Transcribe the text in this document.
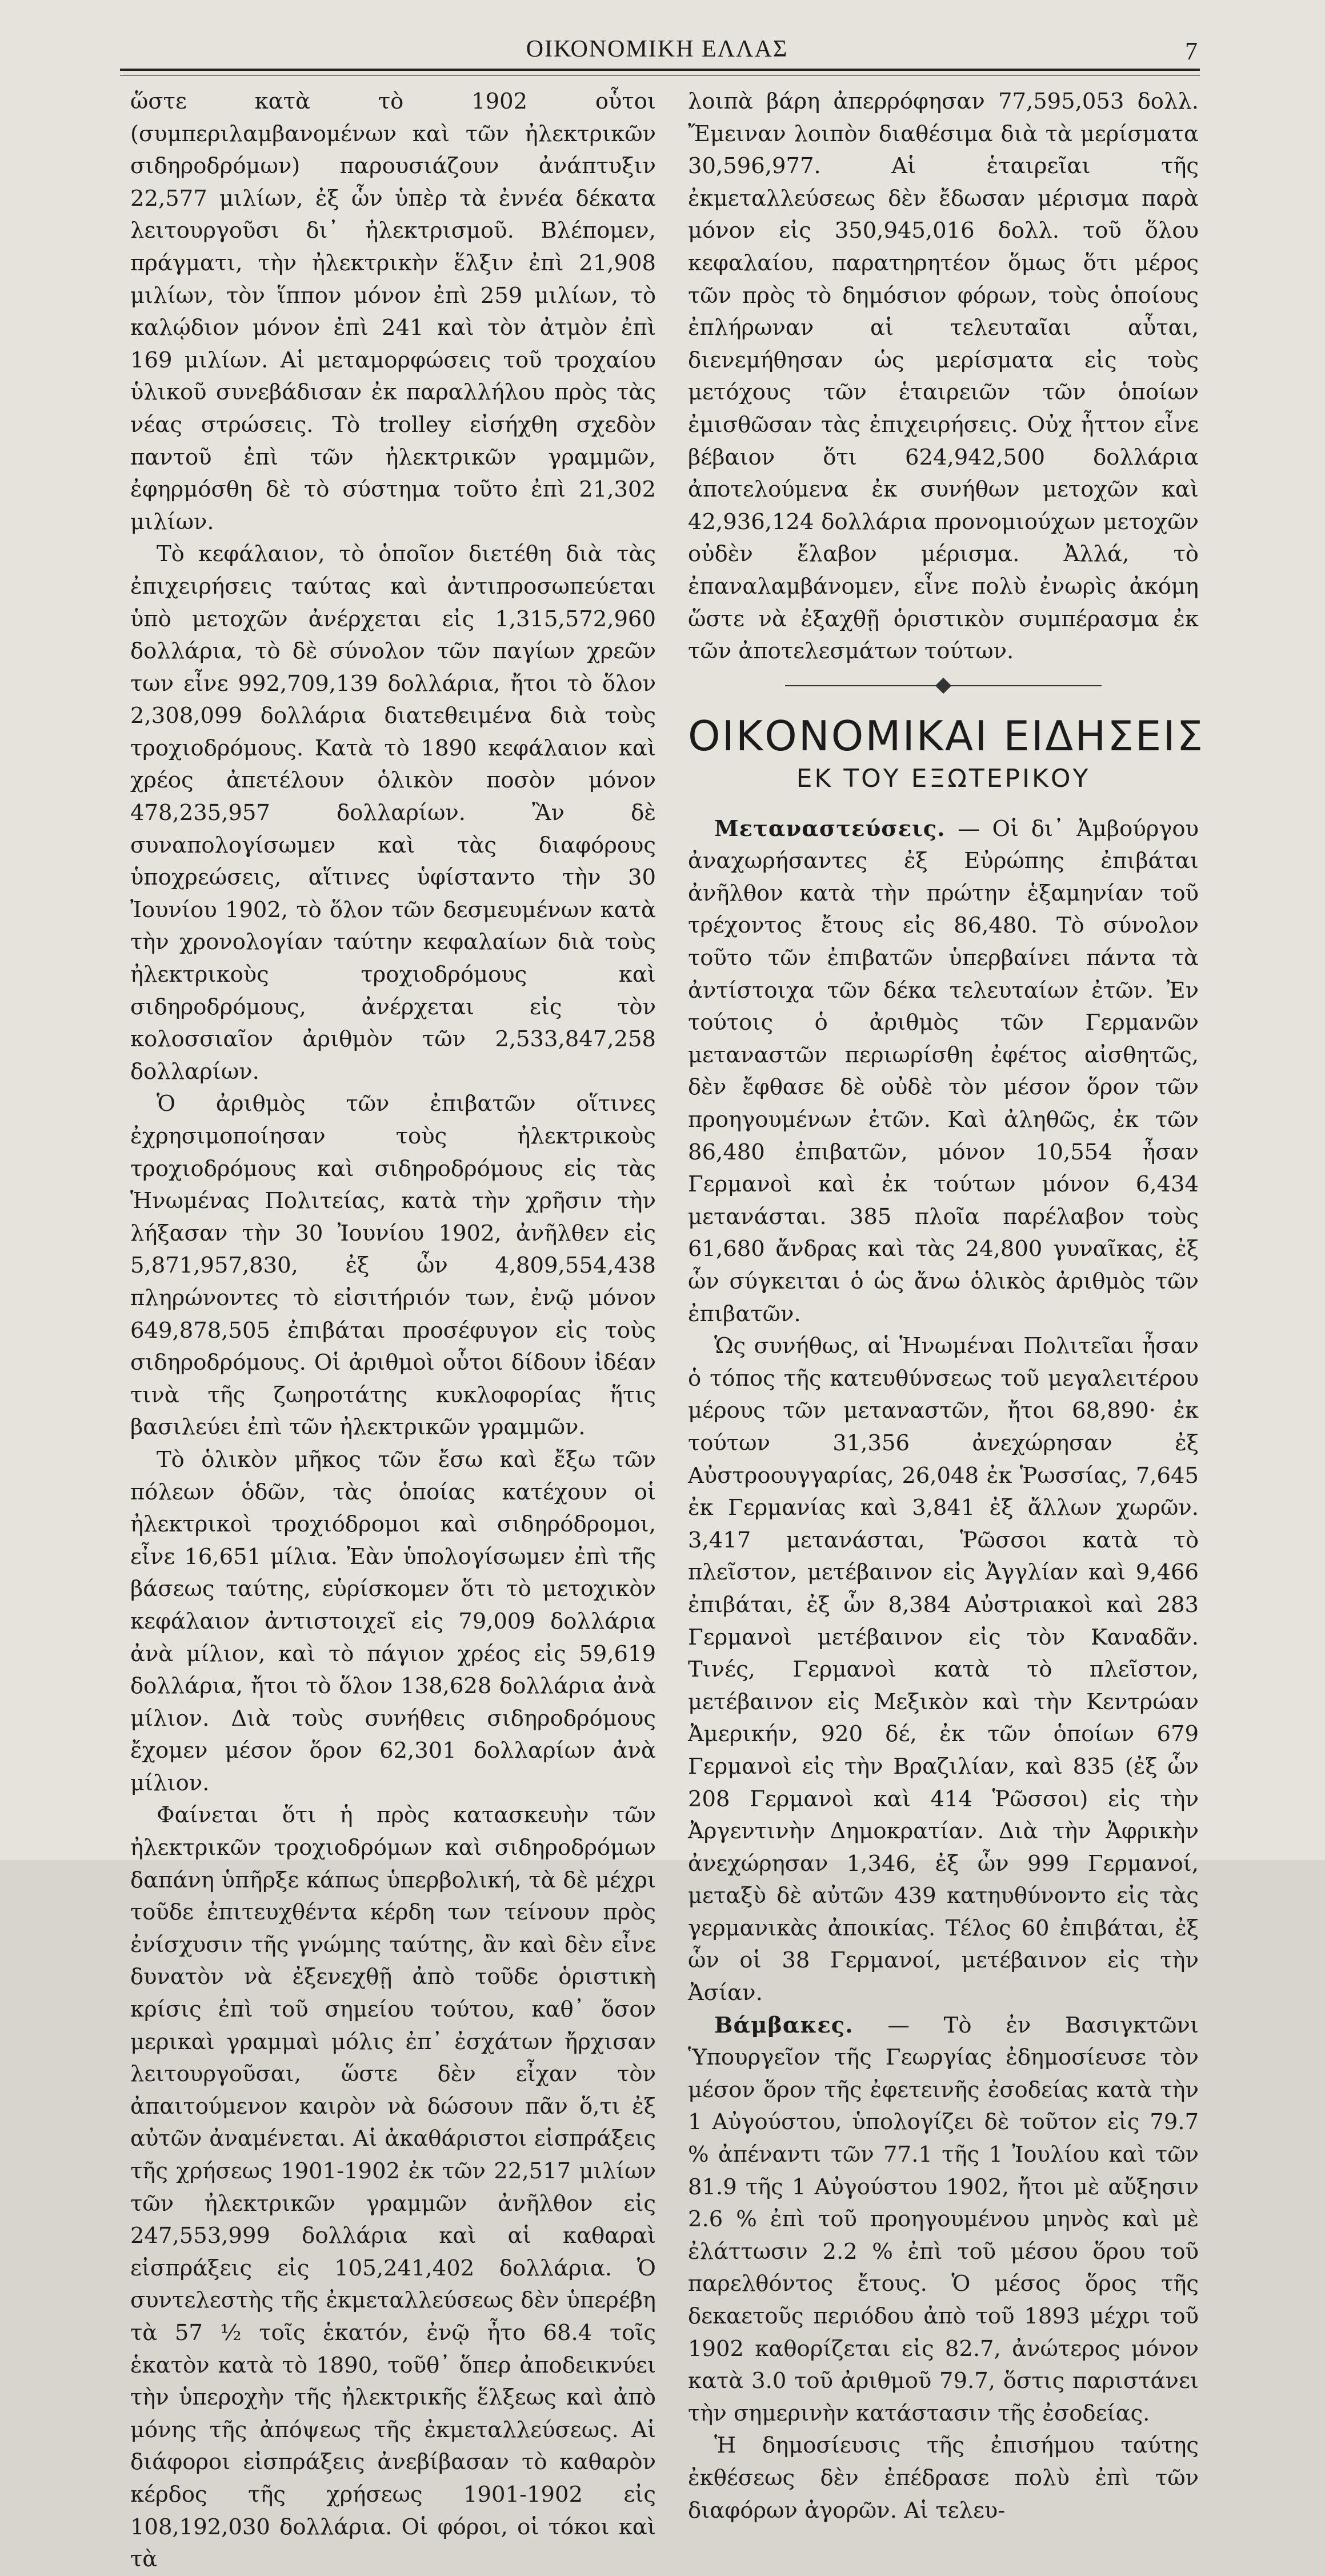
ΟΙΚΟΝΟΜΙΚΗ ΕΛΛΑΣ	7

ὥστε κατὰ τὸ 1902 οὗτοι (συμπεριλαμβανομένων καὶ τῶν ἠλεκτρικῶν σιδηροδρόμων) παρουσιάζουν ἀνάπτυξιν 22,577 μιλίων, ἐξ ὧν ὑπὲρ τὰ ἐννέα δέκατα λειτουργοῦσι δι᾽ ἠλεκτρισμοῦ. Βλέπομεν, πράγματι, τὴν ἠλεκτρικὴν ἕλξιν ἐπὶ 21,908 μιλίων, τὸν ἵππον μόνον ἐπὶ 259 μιλίων, τὸ καλῴδιον μόνον ἐπὶ 241 καὶ τὸν ἀτμὸν ἐπὶ 169 μιλίων. Αἱ μεταμορφώσεις τοῦ τροχαίου ὑλικοῦ συνεβάδισαν ἐκ παραλλήλου πρὸς τὰς νέας στρώσεις. Τὸ trolley εἰσήχθη σχεδὸν παντοῦ ἐπὶ τῶν ἠλεκτρικῶν γραμμῶν, ἐφηρμόσθη δὲ τὸ σύστημα τοῦτο ἐπὶ 21,302 μιλίων.

Τὸ κεφάλαιον, τὸ ὁποῖον διετέθη διὰ τὰς ἐπιχειρήσεις ταύτας καὶ ἀντιπροσωπεύεται ὑπὸ μετοχῶν ἀνέρχεται εἰς 1,315,572,960 δολλάρια, τὸ δὲ σύνολον τῶν παγίων χρεῶν των εἶνε 992,709,139 δολλάρια, ἤτοι τὸ ὅλον 2,308,099 δολλάρια διατεθειμένα διὰ τοὺς τροχιοδρόμους. Κατὰ τὸ 1890 κεφάλαιον καὶ χρέος ἀπετέλουν ὁλικὸν ποσὸν μόνον 478,235,957 δολλαρίων. Ἂν δὲ συναπολογίσωμεν καὶ τὰς διαφόρους ὑποχρεώσεις, αἵτινες ὑφίσταντο τὴν 30 Ἰουνίου 1902, τὸ ὅλον τῶν δεσμευμένων κατὰ τὴν χρονολογίαν ταύτην κεφαλαίων διὰ τοὺς ἠλεκτρικοὺς τροχιοδρόμους καὶ σιδηροδρόμους, ἀνέρχεται εἰς τὸν κολοσσιαῖον ἀριθμὸν τῶν 2,533,847,258 δολλαρίων.

Ὁ ἀριθμὸς τῶν ἐπιβατῶν οἵτινες ἐχρησιμοποίησαν τοὺς ἠλεκτρικοὺς τροχιοδρόμους καὶ σιδηροδρόμους εἰς τὰς Ἡνωμένας Πολιτείας, κατὰ τὴν χρῆσιν τὴν λήξασαν τὴν 30 Ἰουνίου 1902, ἀνῆλθεν εἰς 5,871,957,830, ἐξ ὧν 4,809,554,438 πληρώνοντες τὸ εἰσιτήριόν των, ἐνῷ μόνον 649,878,505 ἐπιβάται προσέφυγον εἰς τοὺς σιδηροδρόμους. Οἱ ἀριθμοὶ οὗτοι δίδουν ἰδέαν τινὰ τῆς ζωηροτάτης κυκλοφορίας ἥτις βασιλεύει ἐπὶ τῶν ἠλεκτρικῶν γραμμῶν.

Τὸ ὁλικὸν μῆκος τῶν ἔσω καὶ ἔξω τῶν πόλεων ὁδῶν, τὰς ὁποίας κατέχουν οἱ ἠλεκτρικοὶ τροχιόδρομοι καὶ σιδηρόδρομοι, εἶνε 16,651 μίλια. Ἐὰν ὑπολογίσωμεν ἐπὶ τῆς βάσεως ταύτης, εὑρίσκομεν ὅτι τὸ μετοχικὸν κεφάλαιον ἀντιστοιχεῖ εἰς 79,009 δολλάρια ἀνὰ μίλιον, καὶ τὸ πάγιον χρέος εἰς 59,619 δολλάρια, ἤτοι τὸ ὅλον 138,628 δολλάρια ἀνὰ μίλιον. Διὰ τοὺς συνήθεις σιδηροδρόμους ἔχομεν μέσον ὅρον 62,301 δολλαρίων ἀνὰ μίλιον.

Φαίνεται ὅτι ἡ πρὸς κατασκευὴν τῶν ἠλεκτρικῶν τροχιοδρόμων καὶ σιδηροδρόμων δαπάνη ὑπῆρξε κάπως ὑπερβολική, τὰ δὲ μέχρι τοῦδε ἐπιτευχθέντα κέρδη των τείνουν πρὸς ἐνίσχυσιν τῆς γνώμης ταύτης, ἂν καὶ δὲν εἶνε δυνατὸν νὰ ἐξενεχθῇ ἀπὸ τοῦδε ὁριστικὴ κρίσις ἐπὶ τοῦ σημείου τούτου, καθ᾽ ὅσον μερικαὶ γραμμαὶ μόλις ἐπ᾽ ἐσχάτων ἤρχισαν λειτουργοῦσαι, ὥστε δὲν εἶχαν τὸν ἀπαιτούμενον καιρὸν νὰ δώσουν πᾶν ὅ,τι ἐξ αὐτῶν ἀναμένεται. Αἱ ἀκαθάριστοι εἰσπράξεις τῆς χρήσεως 1901-1902 ἐκ τῶν 22,517 μιλίων τῶν ἠλεκτρικῶν γραμμῶν ἀνῆλθον εἰς 247,553,999 δολλάρια καὶ αἱ καθαραὶ εἰσπράξεις εἰς 105,241,402 δολλάρια. Ὁ συντελεστὴς τῆς ἐκμεταλλεύσεως δὲν ὑπερέβη τὰ 57 ½ τοῖς ἑκατόν, ἐνῷ ἦτο 68.4 τοῖς ἑκατὸν κατὰ τὸ 1890, τοῦθ᾽ ὅπερ ἀποδεικνύει τὴν ὑπεροχὴν τῆς ἠλεκτρικῆς ἕλξεως καὶ ἀπὸ μόνης τῆς ἀπόψεως τῆς ἐκμεταλλεύσεως. Αἱ διάφοροι εἰσπράξεις ἀνεβίβασαν τὸ καθαρὸν κέρδος τῆς χρήσεως 1901-1902 εἰς 108,192,030 δολλάρια. Οἱ φόροι, οἱ τόκοι καὶ τὰ

λοιπὰ βάρη ἀπερρόφησαν 77,595,053 δολλ. Ἔμειναν λοιπὸν διαθέσιμα διὰ τὰ μερίσματα 30,596,977. Αἱ ἑταιρεῖαι τῆς ἐκμεταλλεύσεως δὲν ἔδωσαν μέρισμα παρὰ μόνον εἰς 350,945,016 δολλ. τοῦ ὅλου κεφαλαίου, παρατηρητέον ὅμως ὅτι μέρος τῶν πρὸς τὸ δημόσιον φόρων, τοὺς ὁποίους ἐπλήρωναν αἱ τελευταῖαι αὗται, διενεμήθησαν ὡς μερίσματα εἰς τοὺς μετόχους τῶν ἑταιρειῶν τῶν ὁποίων ἐμισθῶσαν τὰς ἐπιχειρήσεις. Οὐχ ἧττον εἶνε βέβαιον ὅτι 624,942,500 δολλάρια ἀποτελούμενα ἐκ συνήθων μετοχῶν καὶ 42,936,124 δολλάρια προνομιούχων μετοχῶν οὐδὲν ἔλαβον μέρισμα. Ἀλλά, τὸ ἐπαναλαμβάνομεν, εἶνε πολὺ ἐνωρὶς ἀκόμη ὥστε νὰ ἐξαχθῇ ὁριστικὸν συμπέρασμα ἐκ τῶν ἀποτελεσμάτων τούτων.

ΟΙΚΟΝΟΜΙΚΑΙ ΕΙΔΗΣΕΙΣ
ΕΚ ΤΟΥ ΕΞΩΤΕΡΙΚΟΥ

Μεταναστεύσεις. — Οἱ δι᾽ Ἀμβούργου ἀναχωρήσαντες ἐξ Εὐρώπης ἐπιβάται ἀνῆλθον κατὰ τὴν πρώτην ἑξαμηνίαν τοῦ τρέχοντος ἔτους εἰς 86,480. Τὸ σύνολον τοῦτο τῶν ἐπιβατῶν ὑπερβαίνει πάντα τὰ ἀντίστοιχα τῶν δέκα τελευταίων ἐτῶν. Ἐν τούτοις ὁ ἀριθμὸς τῶν Γερμανῶν μεταναστῶν περιωρίσθη ἐφέτος αἰσθητῶς, δὲν ἔφθασε δὲ οὐδὲ τὸν μέσον ὅρον τῶν προηγουμένων ἐτῶν. Καὶ ἀληθῶς, ἐκ τῶν 86,480 ἐπιβατῶν, μόνον 10,554 ἦσαν Γερμανοὶ καὶ ἐκ τούτων μόνον 6,434 μετανάσται. 385 πλοῖα παρέλαβον τοὺς 61,680 ἄνδρας καὶ τὰς 24,800 γυναῖκας, ἐξ ὧν σύγκειται ὁ ὡς ἄνω ὁλικὸς ἀριθμὸς τῶν ἐπιβατῶν.

Ὡς συνήθως, αἱ Ἡνωμέναι Πολιτεῖαι ἦσαν ὁ τόπος τῆς κατευθύνσεως τοῦ μεγαλειτέρου μέρους τῶν μεταναστῶν, ἤτοι 68,890· ἐκ τούτων 31,356 ἀνεχώρησαν ἐξ Αὐστροουγγαρίας, 26,048 ἐκ Ῥωσσίας, 7,645 ἐκ Γερμανίας καὶ 3,841 ἐξ ἄλλων χωρῶν. 3,417 μετανάσται, Ῥῶσσοι κατὰ τὸ πλεῖστον, μετέβαινον εἰς Ἀγγλίαν καὶ 9,466 ἐπιβάται, ἐξ ὧν 8,384 Αὐστριακοὶ καὶ 283 Γερμανοὶ μετέβαινον εἰς τὸν Καναδᾶν. Τινές, Γερμανοὶ κατὰ τὸ πλεῖστον, μετέβαινον εἰς Μεξικὸν καὶ τὴν Κεντρώαν Ἀμερικήν, 920 δέ, ἐκ τῶν ὁποίων 679 Γερμανοὶ εἰς τὴν Βραζιλίαν, καὶ 835 (ἐξ ὧν 208 Γερμανοὶ καὶ 414 Ῥῶσσοι) εἰς τὴν Ἀργεντινὴν Δημοκρατίαν. Διὰ τὴν Ἀφρικὴν ἀνεχώρησαν 1,346, ἐξ ὧν 999 Γερμανοί, μεταξὺ δὲ αὐτῶν 439 κατηυθύνοντο εἰς τὰς γερμανικὰς ἀποικίας. Τέλος 60 ἐπιβάται, ἐξ ὧν οἱ 38 Γερμανοί, μετέβαινον εἰς τὴν Ἀσίαν.

Βάμβακες. — Τὸ ἐν Βασιγκτῶνι Ὑπουργεῖον τῆς Γεωργίας ἐδημοσίευσε τὸν μέσον ὅρον τῆς ἐφετεινῆς ἐσοδείας κατὰ τὴν 1 Αὐγούστου, ὑπολογίζει δὲ τοῦτον εἰς 79.7 % ἀπέναντι τῶν 77.1 τῆς 1 Ἰουλίου καὶ τῶν 81.9 τῆς 1 Αὐγούστου 1902, ἤτοι μὲ αὔξησιν 2.6 % ἐπὶ τοῦ προηγουμένου μηνὸς καὶ μὲ ἐλάττωσιν 2.2 % ἐπὶ τοῦ μέσου ὅρου τοῦ παρελθόντος ἔτους. Ὁ μέσος ὅρος τῆς δεκαετοῦς περιόδου ἀπὸ τοῦ 1893 μέχρι τοῦ 1902 καθορίζεται εἰς 82.7, ἀνώτερος μόνον κατὰ 3.0 τοῦ ἀριθμοῦ 79.7, ὅστις παριστάνει τὴν σημερινὴν κατάστασιν τῆς ἐσοδείας.

Ἡ δημοσίευσις τῆς ἐπισήμου ταύτης ἐκθέσεως δὲν ἐπέδρασε πολὺ ἐπὶ τῶν διαφόρων ἀγορῶν. Αἱ τελευ-
